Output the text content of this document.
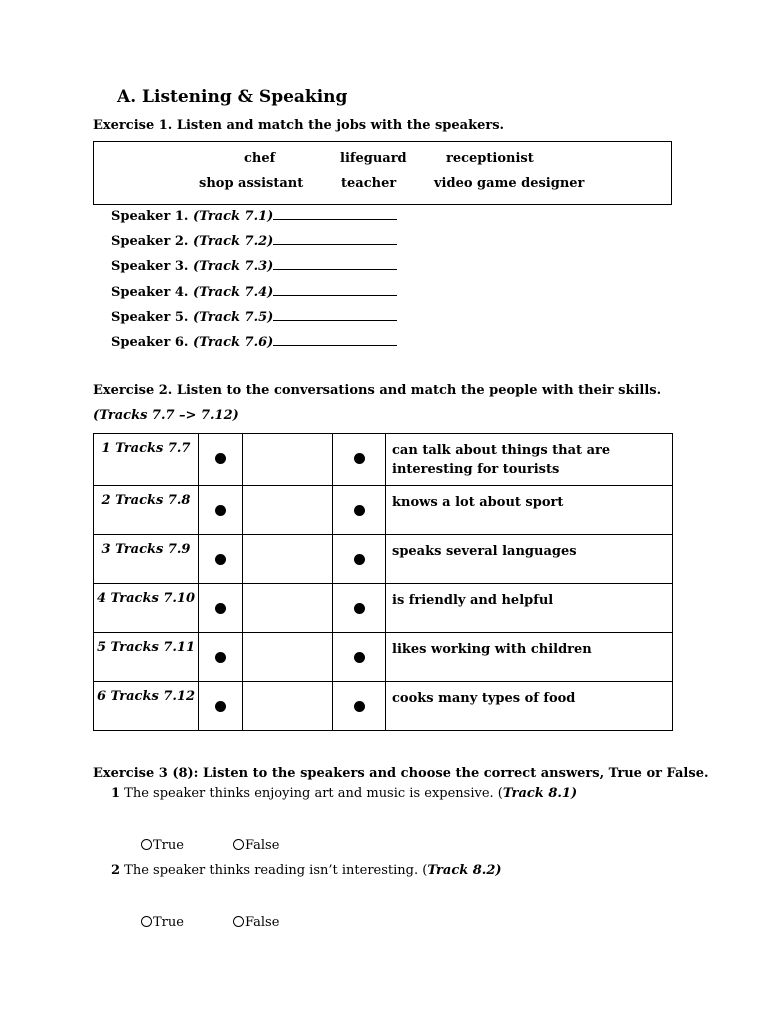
A. Listening & Speaking
Exercise 1. Listen and match the jobs with the speakers.
chef	lifeguard	receptionist
shop assistant	teacher	video game designer
Speaker 1. (Track 7.1)
Speaker 2. (Track 7.2)
Speaker 3. (Track 7.3)
Speaker 4. (Track 7.4)
Speaker 5. (Track 7.5)
Speaker 6. (Track 7.6)
Exercise 2. Listen to the conversations and match the people with their skills.
(Tracks 7.7 –> 7.12)
1 Tracks 7.7				can talk about things that are interesting for tourists
2 Tracks 7.8				knows a lot about sport
3 Tracks 7.9				speaks several languages
4 Tracks 7.10				is friendly and helpful
5 Tracks 7.11				likes working with children
6 Tracks 7.12				cooks many types of food
Exercise 3 (8): Listen to the speakers and choose the correct answers, True or False.
1 The speaker thinks enjoying art and music is expensive. (Track 8.1)
True	False
2 The speaker thinks reading isn’t interesting. (Track 8.2)
True	False
